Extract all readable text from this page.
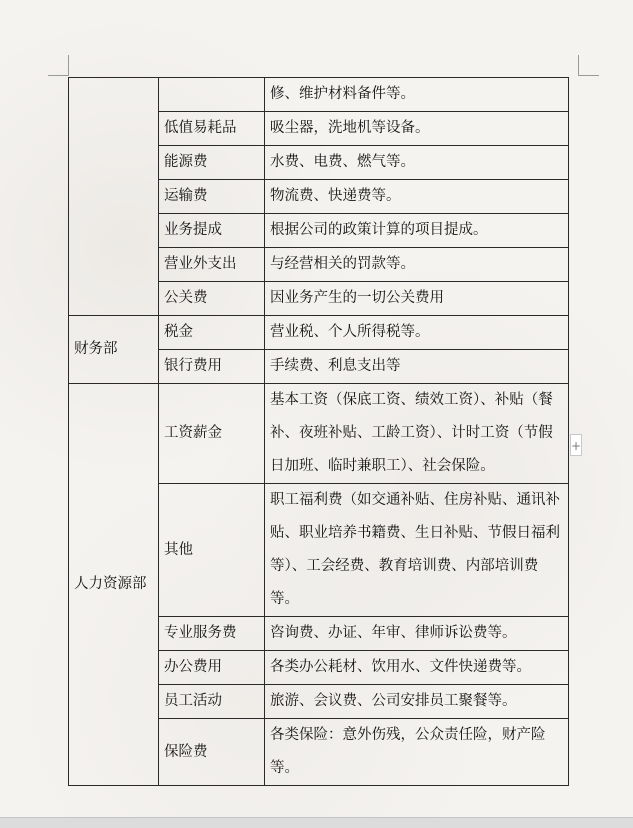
		修、维护材料备件等。
	低值易耗品	吸尘器，洗地机等设备。
	能源费	水费、电费、燃气等。
	运输费	物流费、快递费等。
	业务提成	根据公司的政策计算的项目提成。
	营业外支出	与经营相关的罚款等。
	公关费	因业务产生的一切公关费用
财务部	税金	营业税、个人所得税等。
	银行费用	手续费、利息支出等
人力资源部	工资薪金	基本工资（保底工资、绩效工资）、补贴（餐补、夜班补贴、工龄工资）、计时工资（节假日加班、临时兼职工）、社会保险。
	其他	职工福利费（如交通补贴、住房补贴、通讯补贴、职业培养书籍费、生日补贴、节假日福利等）、工会经费、教育培训费、内部培训费等。
	专业服务费	咨询费、办证、年审、律师诉讼费等。
	办公费用	各类办公耗材、饮用水、文件快递费等。
	员工活动	旅游、会议费、公司安排员工聚餐等。
	保险费	各类保险：意外伤残，公众责任险，财产险等。
+
